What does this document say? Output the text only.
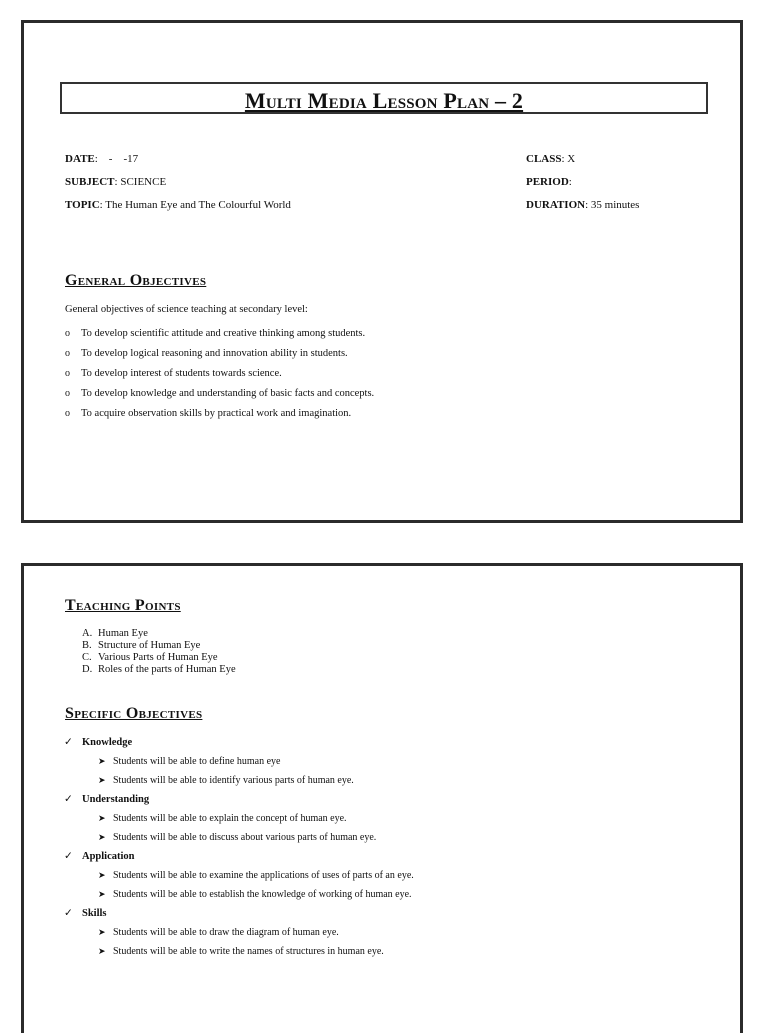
Multi Media Lesson Plan – 2
DATE:    -    -17
SUBJECT: SCIENCE
TOPIC: The Human Eye and The Colourful World
CLASS: X
PERIOD:
DURATION: 35 minutes
General Objectives
General objectives of science teaching at secondary level:
o To develop scientific attitude and creative thinking among students.
o To develop logical reasoning and innovation ability in students.
o To develop interest of students towards science.
o To develop knowledge and understanding of basic facts and concepts.
o To acquire observation skills by practical work and imagination.
Teaching Points
A. Human Eye
B. Structure of Human Eye
C. Various Parts of Human Eye
D. Roles of the parts of Human Eye
Specific Objectives
✓ Knowledge
➤ Students will be able to define human eye
➤ Students will be able to identify various parts of human eye.
✓ Understanding
➤ Students will be able to explain the concept of human eye.
➤ Students will be able to discuss about various parts of human eye.
✓ Application
➤ Students will be able to examine the applications of uses of parts of an eye.
➤ Students will be able to establish the knowledge of working of human eye.
✓ Skills
➤ Students will be able to draw the diagram of human eye.
➤ Students will be able to write the names of structures in human eye.
